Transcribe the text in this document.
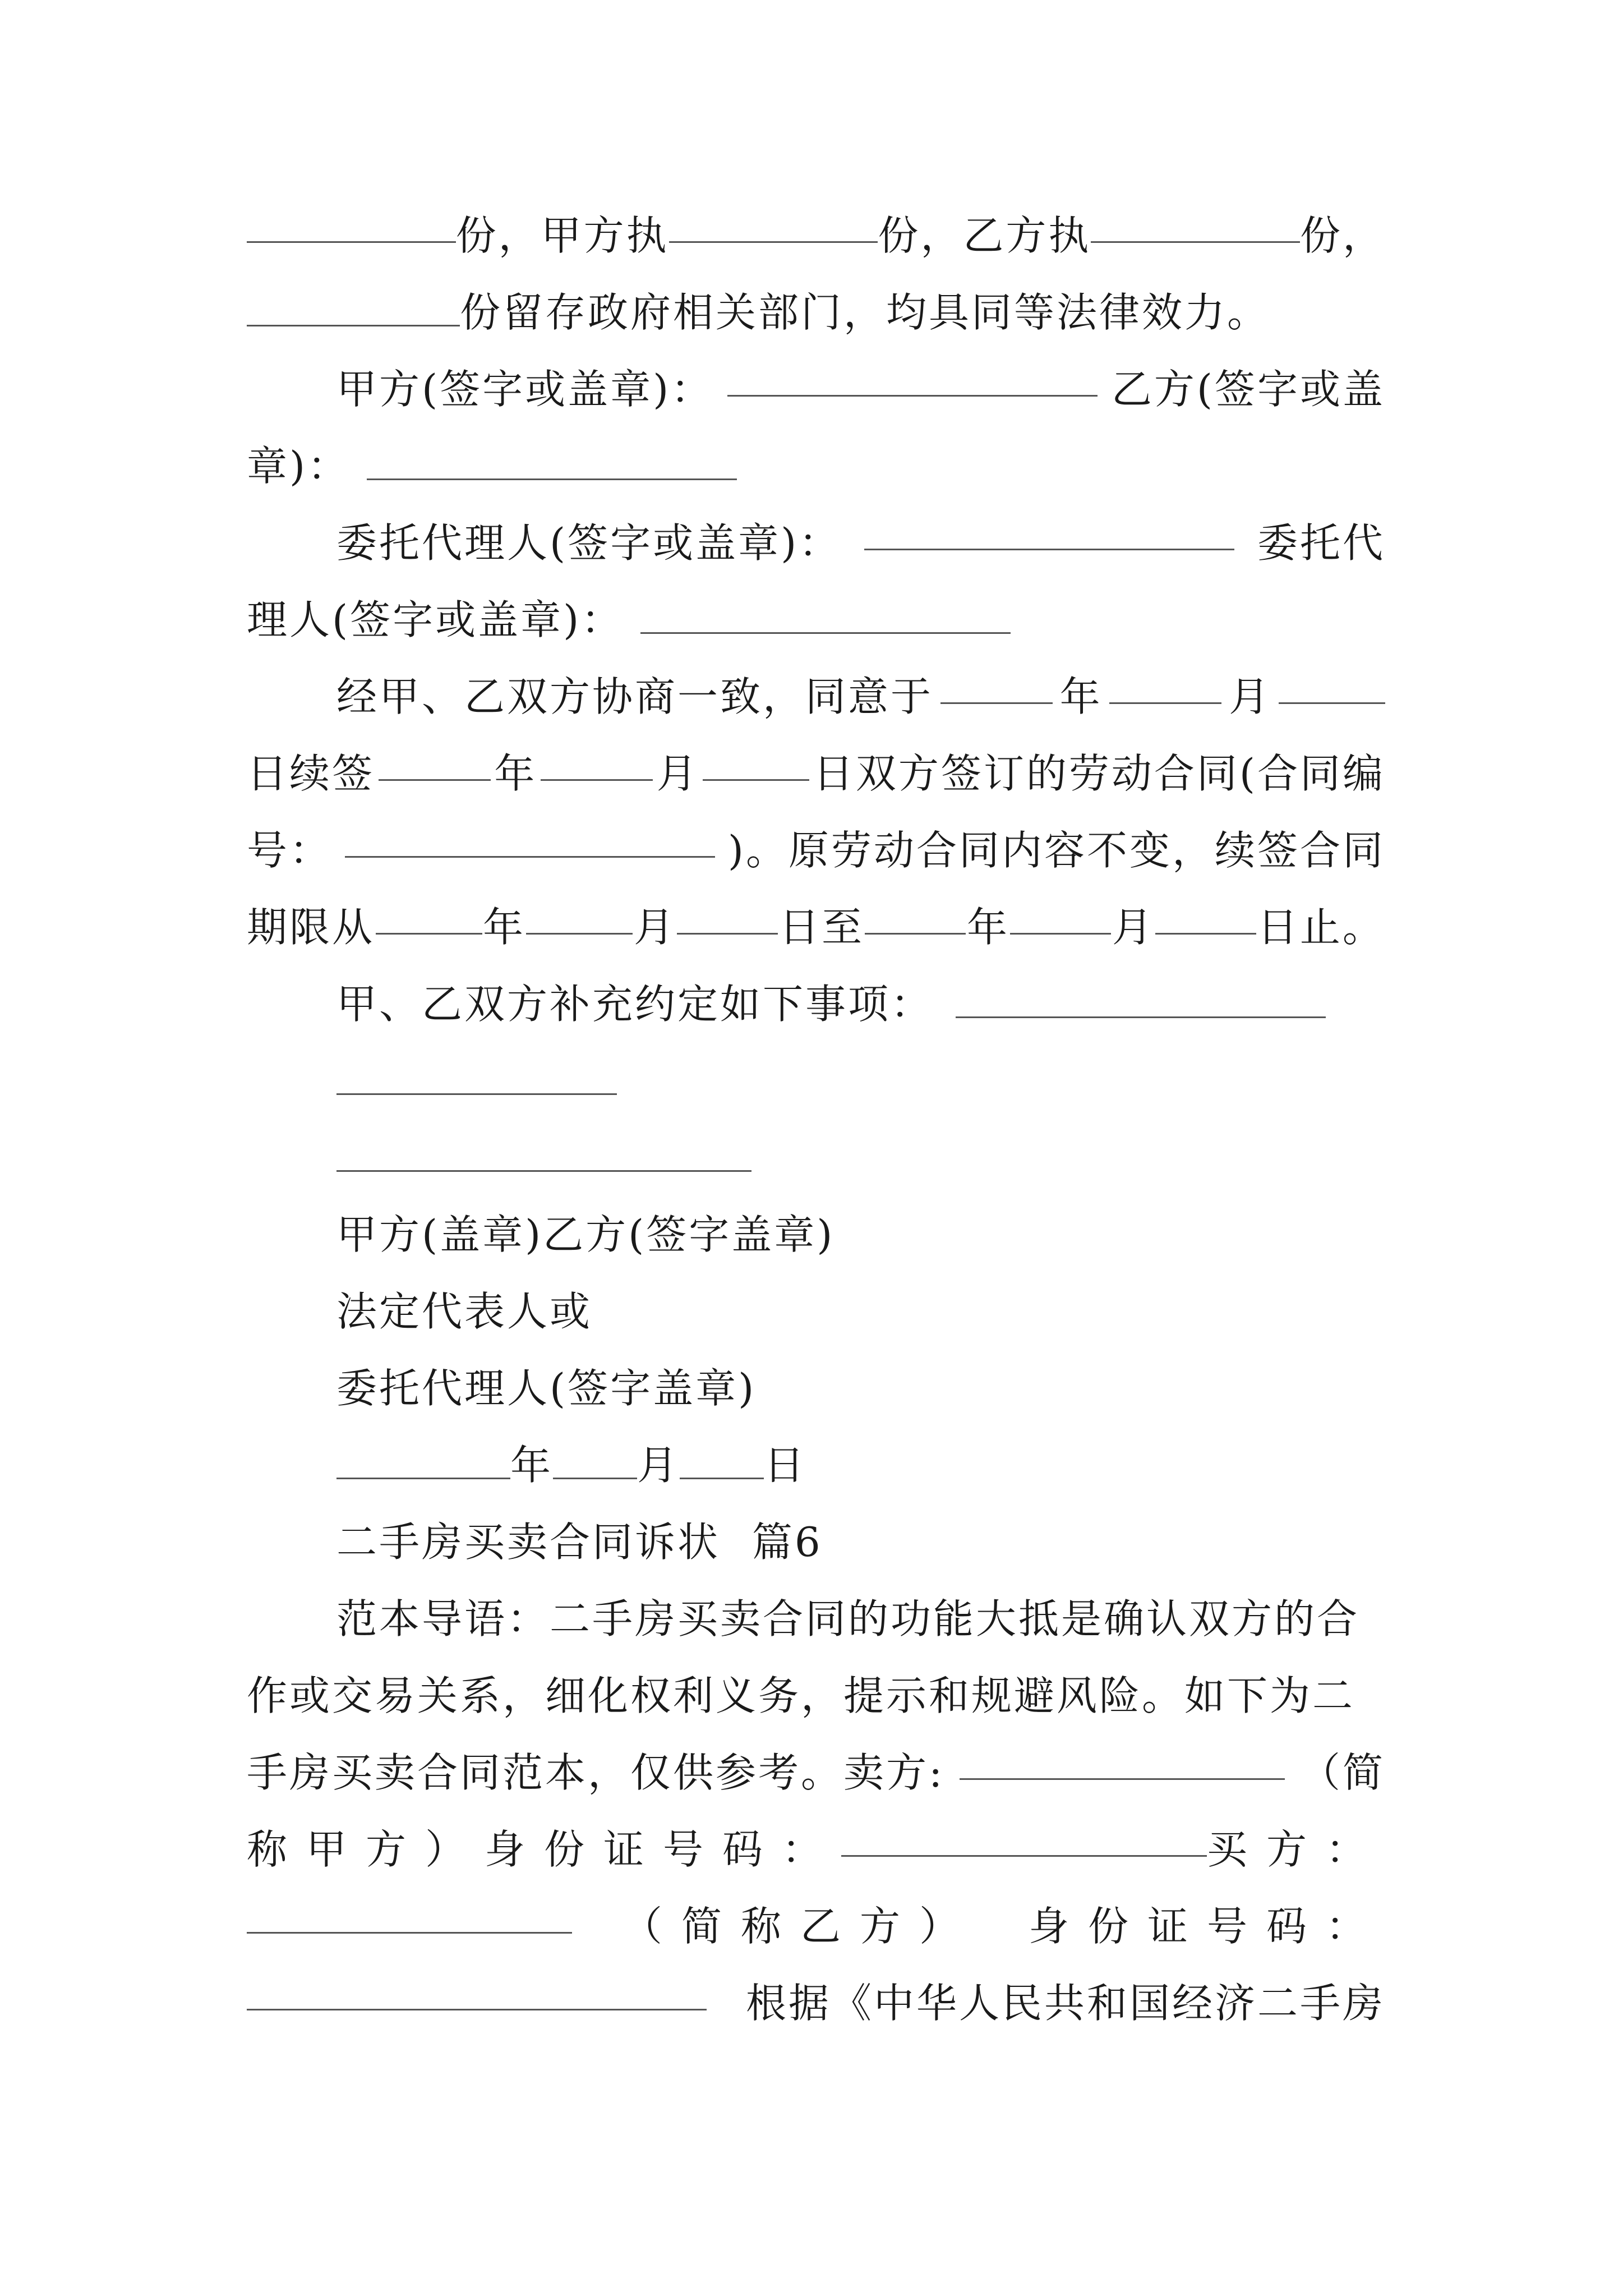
份，甲方执	份，乙方执	份，
份留存政府相关部门，均具同等法律效力。
甲方(签字或盖章)：	乙方(签字或盖
章)：
委托代理人(签字或盖章)：	委托代
理人(签字或盖章)：
经甲、乙双方协商一致，同意于	年	月
日续签	年	月	日双方签订的劳动合同(合同编
号：	)。原劳动合同内容不变，续签合同
期限从	年	月	日至	年	月	日止。
甲、乙双方补充约定如下事项：
甲方(盖章)乙方(签字盖章)
法定代表人或
委托代理人(签字盖章)
年 月 日
二手房买卖合同诉状 篇6
范本导语：二手房买卖合同的功能大抵是确认双方的合
作或交易关系，细化权利义务，提示和规避风险。如下为二
手房买卖合同范本，仅供参考。卖方:	（简
称甲方） 身份证号码：	买方：
（简称乙方） 身份证号码：
根据《中华人民共和国经济二手房
